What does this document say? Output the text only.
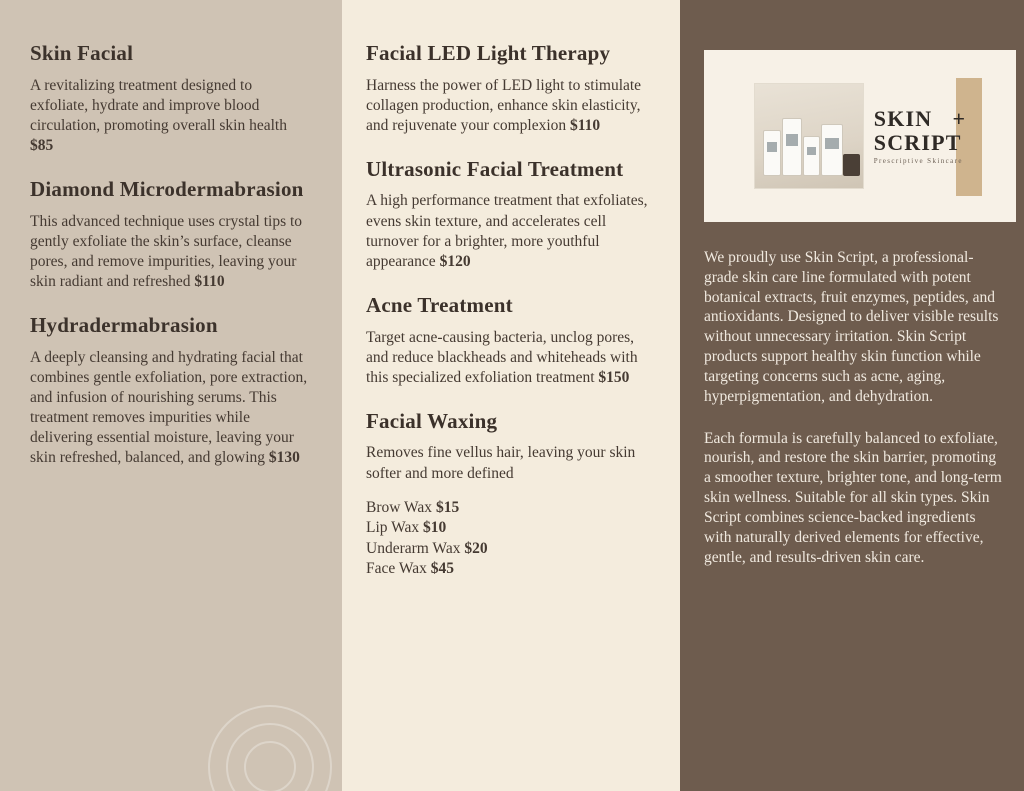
Skin Facial

A revitalizing treatment designed to exfoliate, hydrate and improve blood circulation, promoting overall skin health $85

Diamond Microdermabrasion

This advanced technique uses crystal tips to gently exfoliate the skin’s surface, cleanse pores, and remove impurities, leaving your skin radiant and refreshed $110

Hydradermabrasion

A deeply cleansing and hydrating facial that combines gentle exfoliation, pore extraction, and infusion of nourishing serums. This treatment removes impurities while delivering essential moisture, leaving your skin refreshed, balanced, and glowing $130

Facial LED Light Therapy

Harness the power of LED light to stimulate collagen production, enhance skin elasticity, and rejuvenate your complexion $110

Ultrasonic Facial Treatment

A high performance treatment that exfoliates, evens skin texture, and accelerates cell turnover for a brighter, more youthful appearance $120

Acne Treatment

Target acne-causing bacteria, unclog pores, and reduce blackheads and whiteheads with this specialized exfoliation treatment $150

Facial Waxing

Removes fine vellus hair, leaving your skin softer and more defined

Brow Wax $15
Lip Wax $10
Underarm Wax $20
Face Wax $45
SKIN +
SCRIPT
Prescriptive Skincare

We proudly use Skin Script, a professional-grade skin care line formulated with potent botanical extracts, fruit enzymes, peptides, and antioxidants. Designed to deliver visible results without unnecessary irritation. Skin Script products support healthy skin function while targeting concerns such as acne, aging, hyperpigmentation, and dehydration.

Each formula is carefully balanced to exfoliate, nourish, and restore the skin barrier, promoting a smoother texture, brighter tone, and long-term skin wellness. Suitable for all skin types. Skin Script combines science-backed ingredients with naturally derived elements for effective, gentle, and results-driven skin care.
